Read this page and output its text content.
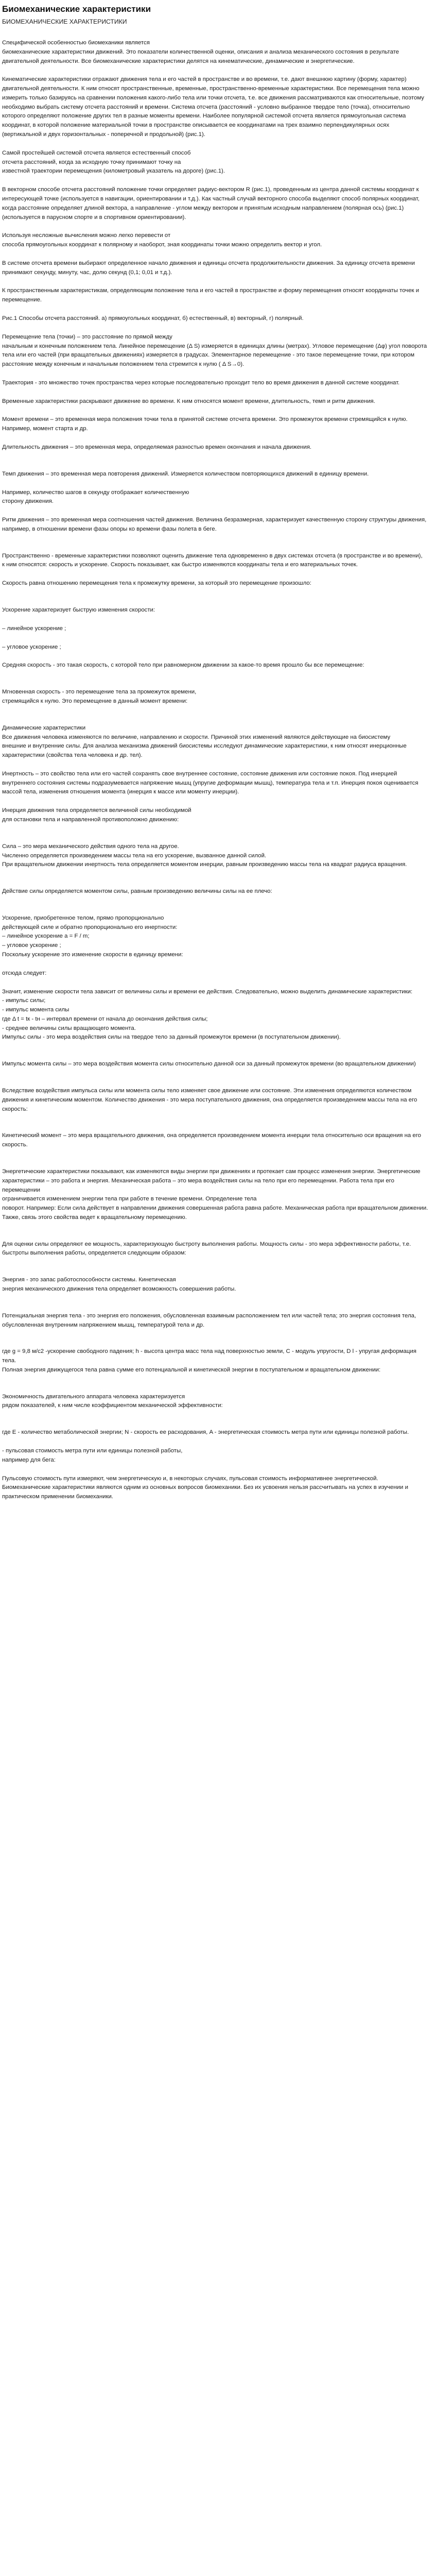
Биомеханические характеристики
БИОМЕХАНИЧЕСКИЕ ХАРАКТЕРИСТИКИ

Специфической особенностью биомеханики является
биомеханические характеристики движений. Это показатели количественной оценки, описания и анализа механического состояния в результате двигательной деятельности. Все биомеханические характеристики делятся на кинематические, динамические и энергетические.

Кинематические характеристики отражают движения тела и его частей в пространстве и во времени, т.е. дают внешнюю картину (форму, характер) двигательной деятельности. К ним относят пространственные, временные, пространственно-временные характеристики. Все перемещения тела можно измерить только базируясь на сравнении положения какого-либо тела или точки отсчета, т.е. все движения рассматриваются как относительные, поэтому необходимо выбрать систему отсчета расстояний и времени. Система отсчета (расстояний - условно выбранное твердое тело (точка), относительно которого определяют положение других тел в разные моменты времени. Наиболее популярной системой отсчета является прямоугольная система координат, в которой положение материальной точки в пространстве описывается ее координатами на трех взаимно перпендикулярных осях (вертикальной и двух горизонтальных - поперечной и продольной) (рис.1).

Самой простейшей системой отсчета является естественный способ
отсчета расстояний, когда за исходную точку принимают точку на
известной траектории перемещения (километровый указатель на дороге) (рис.1).

В векторном способе отсчета расстояний положение точки определяет радиус-вектором R (рис.1), проведенным из центра данной системы координат к интересующей точке (используется в навигации, ориентировании и т.д.). Как частный случай векторного способа выделяют способ полярных координат, когда расстояние определяет длиной вектора, а направление - углом между вектором и принятым исходным направлением (полярная ось) (рис.1) (используется в парусном спорте и в спортивном ориентировании).

Используя несложные вычисления можно легко перевести от
способа прямоугольных координат к полярному и наоборот, зная координаты точки можно определить вектор и угол.

В системе отсчета времени выбирают определенное начало движения и единицы отсчета продолжительности движения. За единицу отсчета времени принимают секунду, минуту, час, долю секунд (0,1; 0,01 и т.д.).

К пространственным характеристикам, определяющим положение тела и его частей в пространстве и форму перемещения относят координаты точек и перемещение.

Рис.1 Способы отсчета расстояний. а) прямоугольных координат, б) естественный, в) векторный, г) полярный.

Перемещение тела (точки) – это расстояние по прямой между
начальным и конечным положением тела. Линейное перемещение (Δ S) измеряется в единицах длины (метрах). Угловое перемещение (Δφ) угол поворота тела или его частей (при вращательных движениях) измеряется в градусах. Элементарное перемещение - это такое перемещение точки, при котором расстояние между конечным и начальным положением тела стремится к нулю ( Δ S→0).

Траектория - это множество точек пространства через которые последовательно проходит тело во время движения в данной системе координат.

Временные характеристики раскрывают движение во времени. К ним относятся момент времени, длительность, темп и ритм движения.

Момент времени – это временная мера положения точки тела в принятой системе отсчета времени. Это промежуток времени стремящийся к нулю. Например, момент старта и др.

Длительность движения – это временная мера, определяемая разностью времен окончания и начала движения.

Темп движения – это временная мера повторения движений. Измеряется количеством повторяющихся движений в единицу времени.

Например, количество шагов в секунду отображает количественную
сторону движения.

Ритм движения – это временная мера соотношения частей движения. Величина безразмерная, характеризует качественную сторону структуры движения, например, в отношении времени фазы опоры ко времени фазы полета в беге.

Пространственно - временные характеристики позволяют оценить движение тела одновременно в двух системах отсчета (в пространстве и во времени),
к ним относятся: скорость и ускорение. Скорость показывает, как быстро изменяются координаты тела и его материальных точек.

Скорость равна отношению перемещения тела к промежутку времени, за который это перемещение произошло:

Ускорение характеризует быструю изменения скорости:

– линейное ускорение ;

– угловое ускорение ;

Средняя скорость - это такая скорость, с которой тело при равномерном движении за какое-то время прошло бы все перемещение:

Мгновенная скорость - это перемещение тела за промежуток времени,
стремящийся к нулю. Это перемещение в данный момент времени:

Динамические характеристики
Все движения человека изменяются по величине, направлению и скорости. Причиной этих изменений являются действующие на биосистему
внешние и внутренние силы. Для анализа механизма движений биосистемы исследуют динамические характеристики, к ним относят инерционные характеристики (свойства тела человека и др. тел).

Инертность – это свойство тела или его частей сохранять свое внутреннее состояние, состояние движения или состояние покоя. Под инерцией внутреннего состояния системы подразумевается напряжение мышц (упругие деформации мышц), температура тела и т.п. Инерция покоя оценивается массой тела, изменения отношения момента (инерция к массе или моменту инерции).

Инерция движения тела определяется величиной силы необходимой
для остановки тела и направленной противоположно движению:

Сила – это мера механического действия одного тела на другое.
Численно определяется произведением массы тела на его ускорение, вызванное данной силой.
При вращательном движении инертность тела определяется моментом инерции, равным произведению массы тела на квадрат радиуса вращения.

Действие силы определяется моментом силы, равным произведению величины силы на ее плечо:

Ускорение, приобретенное телом, прямо пропорционально
действующей силе и обратно пропорционально его инертности:
– линейное ускорение a = F / m;
– угловое ускорение ;
Поскольку ускорение это изменение скорости в единицу времени:

отсюда следует:

Значит, изменение скорости тела зависит от величины силы и времени ее действия. Следовательно, можно выделить динамические характеристики:
- импульс силы;
- импульс момента силы
где Δ t = tк - tн – интервал времени от начала до окончания действия силы;
- среднее величины силы вращающего момента.
Импульс силы - это мера воздействия силы на твердое тело за данный промежуток времени (в поступательном движении).

Импульс момента силы – это мера воздействия момента силы относительно данной оси за данный промежуток времени (во вращательном движении)

Вследствие воздействия импульса силы или момента силы тело изменяет свое движение или состояние. Эти изменения определяются количеством движения и кинетическим моментом. Количество движения - это мера поступательного движения, она определяется произведением массы тела на его скорость:

Кинетический момент – это мера вращательного движения, она определяется произведением момента инерции тела относительно оси вращения на его скорость.

Энергетические характеристики показывают, как изменяются виды энергии при движениях и протекает сам процесс изменения энергии. Энергетические характеристики – это работа и энергия. Механическая работа – это мера воздействия силы на тело при его перемещении. Работа тела при его перемещении
ограничивается изменением энергии тела при работе в течение времени. Определение тела
поворот. Например: Если сила действует в направлении движения совершенная работа равна работе. Механическая работа при вращательном движении.
Также, связь этого свойства ведет к вращательному перемещению.

Для оценки силы определяют ее мощность, характеризующую быстроту выполнения работы. Мощность силы - это мера эффективности работы, т.е. быстроты выполнения работы, определяется следующим образом:

Энергия - это запас работоспособности системы. Кинетическая
энергия механического движения тела определяет возможность совершения работы.

Потенциальная энергия тела - это энергия его положения, обусловленная взаимным расположением тел или частей тела; это энергия состояния тела, обусловленная внутренним напряжением мышц, температурой тела и др.

где g = 9,8 м/с2 -ускорение свободного падения; h - высота центра масс тела над поверхностью земли, С - модуль упругости, D l - упругая деформация тела.
Полная энергия движущегося тела равна сумме его потенциальной и кинетической энергии в поступательном и вращательном движении:

Экономичность двигательного аппарата человека характеризуется
рядом показателей, к ним числе коэффициентом механической эффективности:

где E - количество метаболической энергии; N - скорость ее расходования, A - энергетическая стоимость метра пути или единицы полезной работы.

- пульсовая стоимость метра пути или единицы полезной работы,
например для бега:

Пульсовую стоимость пути измеряют, чем энергетическую и, в некоторых случаях, пульсовая стоимость информативнее энергетической.
Биомеханические характеристики являются одним из основных вопросов биомеханики. Без их усвоения нельзя рассчитывать на успех в изучении и практическом применении биомеханики.
